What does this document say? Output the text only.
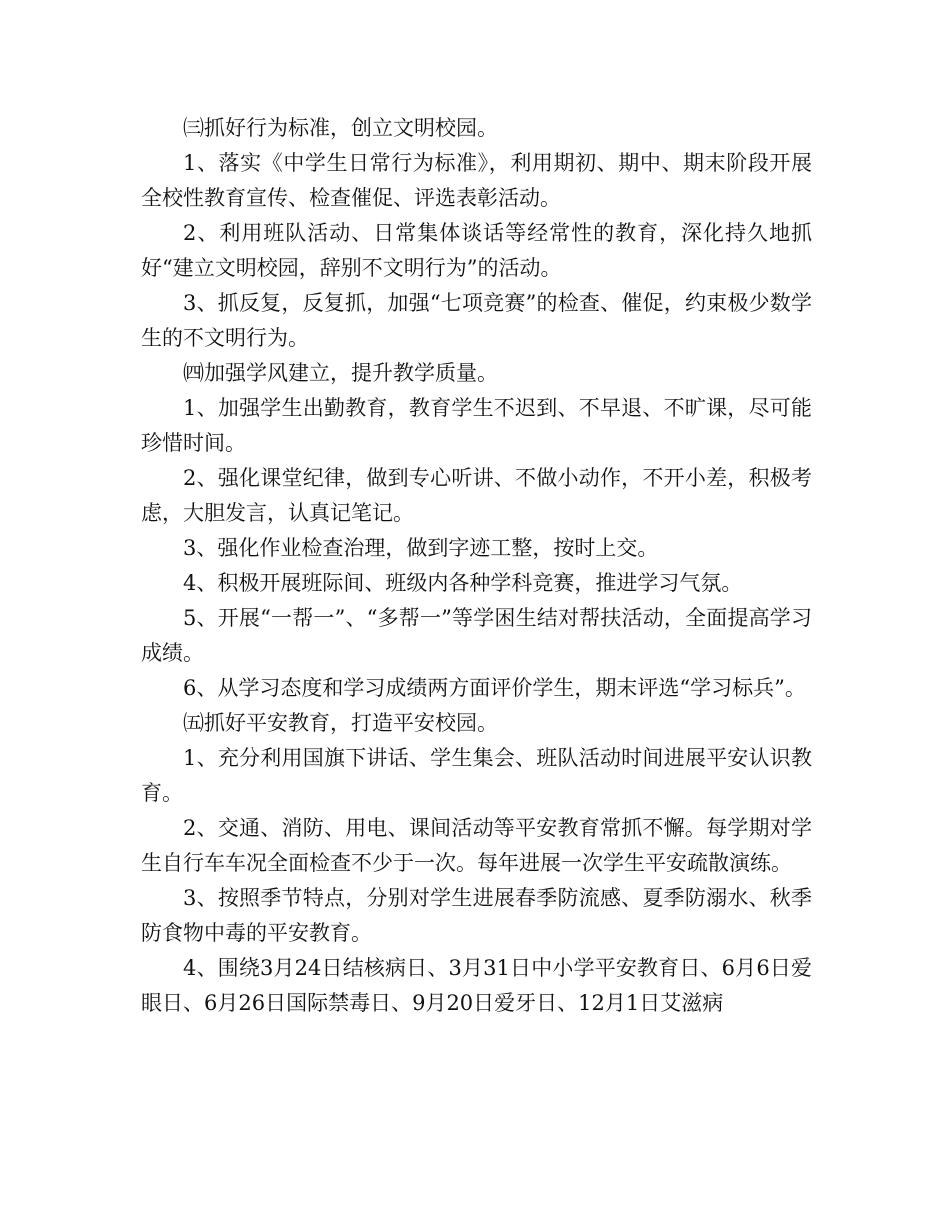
㈢抓好行为标准，创立文明校园。

1、落实《中学生日常行为标准》，利用期初、期中、期末阶段开展全校性教育宣传、检查催促、评选表彰活动。

2、利用班队活动、日常集体谈话等经常性的教育，深化持久地抓好“建立文明校园，辞别不文明行为”的活动。

3、抓反复，反复抓，加强“七项竞赛”的检查、催促，约束极少数学生的不文明行为。

㈣加强学风建立，提升教学质量。

1、加强学生出勤教育，教育学生不迟到、不早退、不旷课，尽可能珍惜时间。

2、强化课堂纪律，做到专心听讲、不做小动作，不开小差，积极考虑，大胆发言，认真记笔记。

3、强化作业检查治理，做到字迹工整，按时上交。

4、积极开展班际间、班级内各种学科竞赛，推进学习气氛。

5、开展“一帮一”、“多帮一”等学困生结对帮扶活动，全面提高学习成绩。

6、从学习态度和学习成绩两方面评价学生，期末评选“学习标兵”。

㈤抓好平安教育，打造平安校园。

1、充分利用国旗下讲话、学生集会、班队活动时间进展平安认识教育。

2、交通、消防、用电、课间活动等平安教育常抓不懈。每学期对学生自行车车况全面检查不少于一次。每年进展一次学生平安疏散演练。

3、按照季节特点，分别对学生进展春季防流感、夏季防溺水、秋季防食物中毒的平安教育。

4、围绕3月24日结核病日、3月31日中小学平安教育日、6月6日爱眼日、6月26日国际禁毒日、9月20日爱牙日、12月1日艾滋病
